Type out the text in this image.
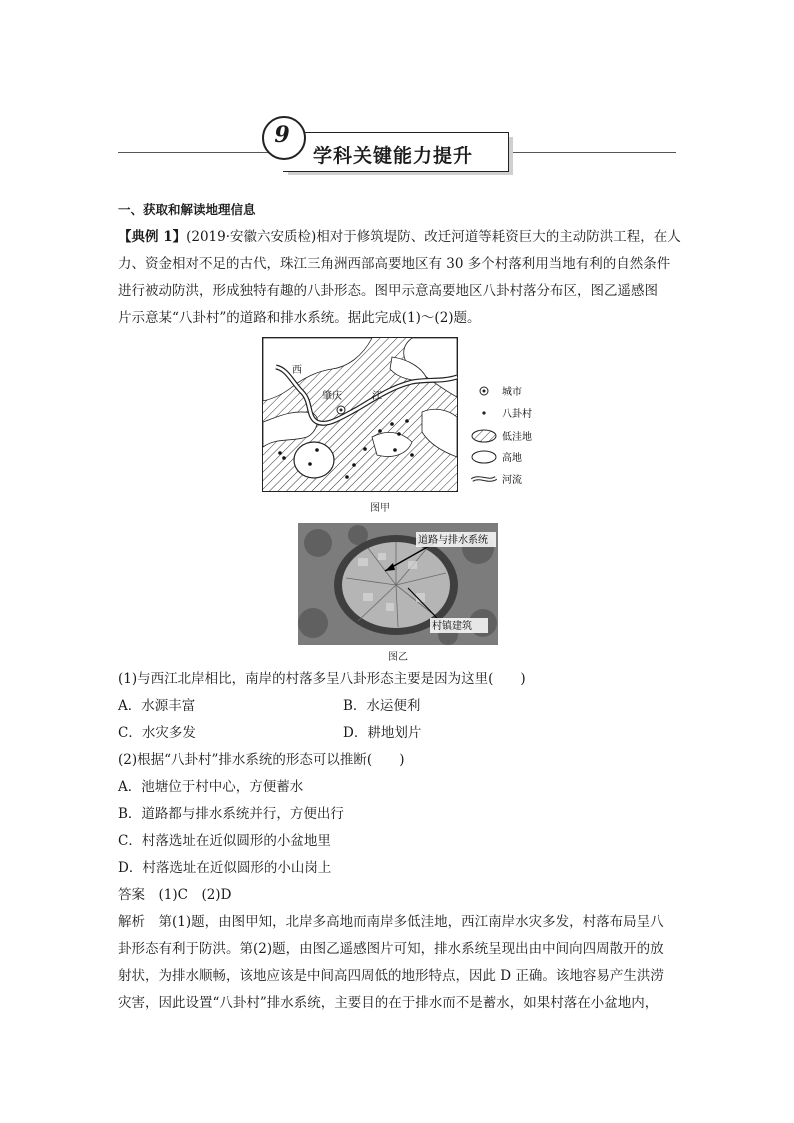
学科关键能力提升
9
一、获取和解读地理信息
【典例 1】(2019·安徽六安质检)相对于修筑堤防、改迁河道等耗资巨大的主动防洪工程，在人
力、资金相对不足的古代，珠江三角洲西部高要地区有 30 多个村落利用当地有利的自然条件
进行被动防洪，形成独特有趣的八卦形态。图甲示意高要地区八卦村落分布区，图乙遥感图
片示意某“八卦村”的道路和排水系统。据此完成(1)～(2)题。
西
肇庆	江	城市
八卦村
低洼地
高地
河流
图甲
道路与排水系统
村镇建筑
图乙
(1)与西江北岸相比，南岸的村落多呈八卦形态主要是因为这里(　　)
A．水源丰富	B．水运便利
C．水灾多发	D．耕地划片
(2)根据“八卦村”排水系统的形态可以推断(　　)
A．池塘位于村中心，方便蓄水
B．道路都与排水系统并行，方便出行
C．村落选址在近似圆形的小盆地里
D．村落选址在近似圆形的小山岗上
答案　(1)C　(2)D
解析　第(1)题，由图甲知，北岸多高地而南岸多低洼地，西江南岸水灾多发，村落布局呈八
卦形态有利于防洪。第(2)题，由图乙遥感图片可知，排水系统呈现出由中间向四周散开的放
射状，为排水顺畅，该地应该是中间高四周低的地形特点，因此 D 正确。该地容易产生洪涝
灾害，因此设置“八卦村”排水系统，主要目的在于排水而不是蓄水，如果村落在小盆地内，
